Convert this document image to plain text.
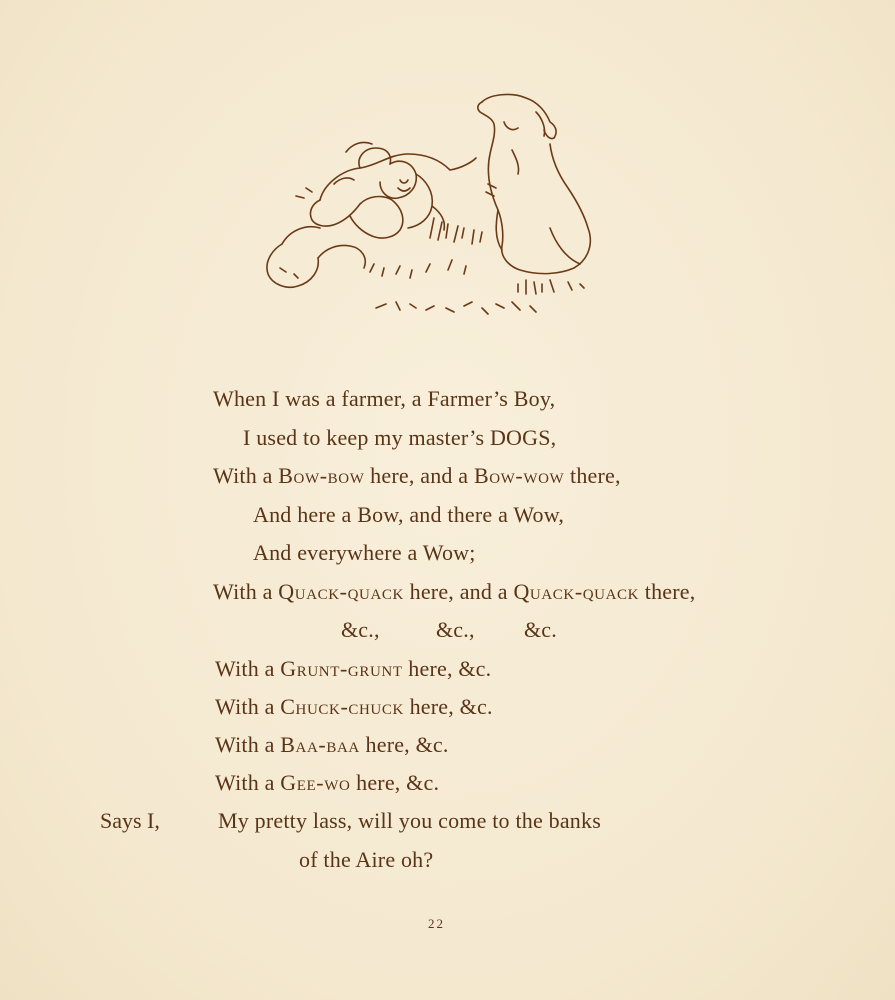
When I was a farmer, a Farmer’s Boy,
I used to keep my master’s DOGS,
With a Bow-bow here, and a Bow-wow there,
And here a Bow, and there a Wow,
And everywhere a Wow;
With a Quack-quack here, and a Quack-quack there,
&c.,	&c., &c.
With a Grunt-grunt here, &c.
With a Chuck-chuck here, &c.
With a Baa-baa here, &c.
With a Gee-wo here, &c.
Says I,	My pretty lass, will you come to the banks
of the Aire oh?
22
